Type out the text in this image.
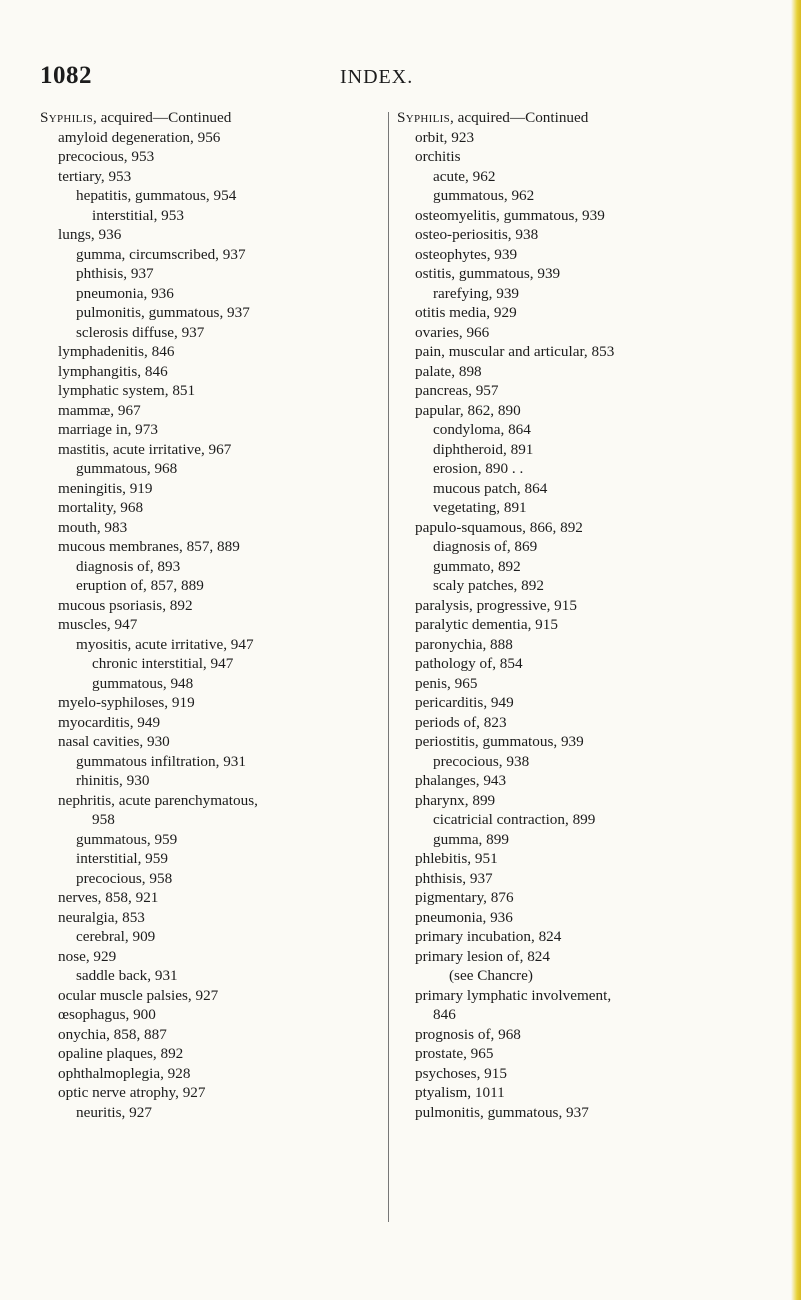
1082	INDEX.
Syphilis, acquired—Continued
amyloid degeneration, 956
precocious, 953
tertiary, 953
hepatitis, gummatous, 954
interstitial, 953
lungs, 936
gumma, circumscribed, 937
phthisis, 937
pneumonia, 936
pulmonitis, gummatous, 937
sclerosis diffuse, 937
lymphadenitis, 846
lymphangitis, 846
lymphatic system, 851
mammæ, 967
marriage in, 973
mastitis, acute irritative, 967
gummatous, 968
meningitis, 919
mortality, 968
mouth, 983
mucous membranes, 857, 889
diagnosis of, 893
eruption of, 857, 889
mucous psoriasis, 892
muscles, 947
myositis, acute irritative, 947
chronic interstitial, 947
gummatous, 948
myelo-syphiloses, 919
myocarditis, 949
nasal cavities, 930
gummatous infiltration, 931
rhinitis, 930
nephritis, acute parenchymatous,
958
gummatous, 959
interstitial, 959
precocious, 958
nerves, 858, 921
neuralgia, 853
cerebral, 909
nose, 929
saddle back, 931
ocular muscle palsies, 927
œsophagus, 900
onychia, 858, 887
opaline plaques, 892
ophthalmoplegia, 928
optic nerve atrophy, 927
neuritis, 927
Syphilis, acquired—Continued
orbit, 923
orchitis
acute, 962
gummatous, 962
osteomyelitis, gummatous, 939
osteo-periositis, 938
osteophytes, 939
ostitis, gummatous, 939
rarefying, 939
otitis media, 929
ovaries, 966
pain, muscular and articular, 853
palate, 898
pancreas, 957
papular, 862, 890
condyloma, 864
diphtheroid, 891
erosion, 890 . .
mucous patch, 864
vegetating, 891
papulo-squamous, 866, 892
diagnosis of, 869
gummato, 892
scaly patches, 892
paralysis, progressive, 915
paralytic dementia, 915
paronychia, 888
pathology of, 854
penis, 965
pericarditis, 949
periods of, 823
periostitis, gummatous, 939
precocious, 938
phalanges, 943
pharynx, 899
cicatricial contraction, 899
gumma, 899
phlebitis, 951
phthisis, 937
pigmentary, 876
pneumonia, 936
primary incubation, 824
primary lesion of, 824
(see Chancre)
primary lymphatic involvement,
846
prognosis of, 968
prostate, 965
psychoses, 915
ptyalism, 1011
pulmonitis, gummatous, 937
